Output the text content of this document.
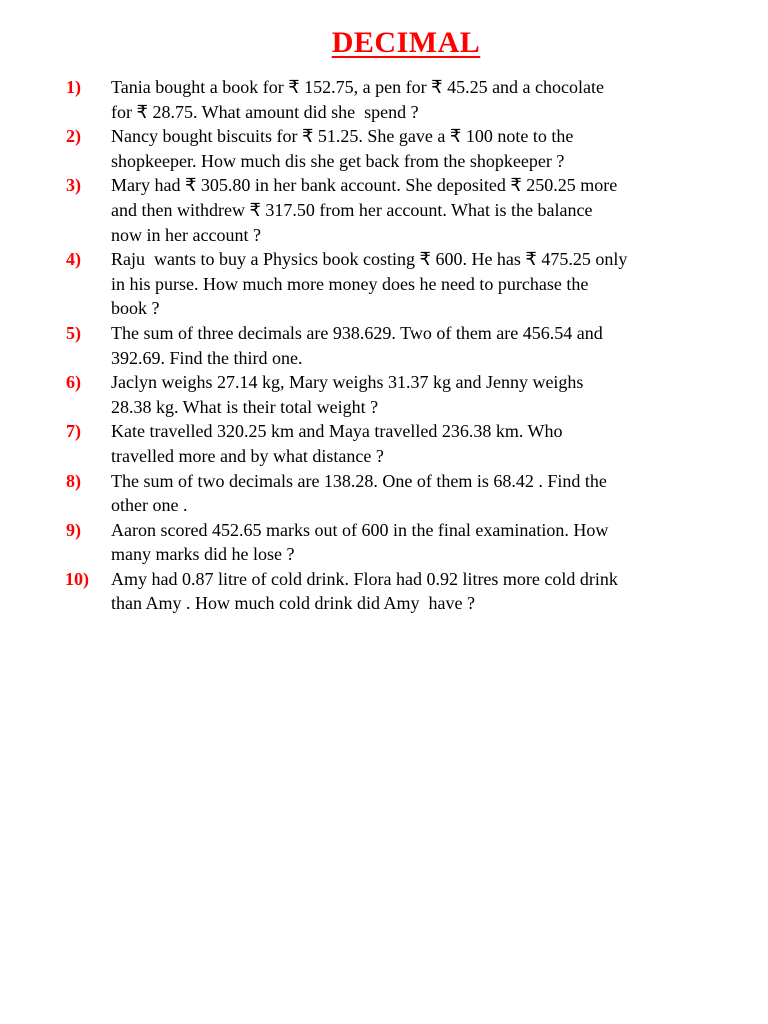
DECIMAL
1)	Tania bought a book for ₹ 152.75, a pen for ₹ 45.25 and a chocolate
for ₹ 28.75. What amount did she  spend ?
2)	Nancy bought biscuits for ₹ 51.25. She gave a ₹ 100 note to the
shopkeeper. How much dis she get back from the shopkeeper ?
3)	Mary had ₹ 305.80 in her bank account. She deposited ₹ 250.25 more
and then withdrew ₹ 317.50 from her account. What is the balance
now in her account ?
4)	Raju  wants to buy a Physics book costing ₹ 600. He has ₹ 475.25 only
in his purse. How much more money does he need to purchase the
book ?
5)	The sum of three decimals are 938.629. Two of them are 456.54 and
392.69. Find the third one.
6)	Jaclyn weighs 27.14 kg, Mary weighs 31.37 kg and Jenny weighs
28.38 kg. What is their total weight ?
7)	Kate travelled 320.25 km and Maya travelled 236.38 km. Who
travelled more and by what distance ?
8)	The sum of two decimals are 138.28. One of them is 68.42 . Find the
other one .
9)	Aaron scored 452.65 marks out of 600 in the final examination. How
many marks did he lose ?
10)	Amy had 0.87 litre of cold drink. Flora had 0.92 litres more cold drink
than Amy . How much cold drink did Amy  have ?
